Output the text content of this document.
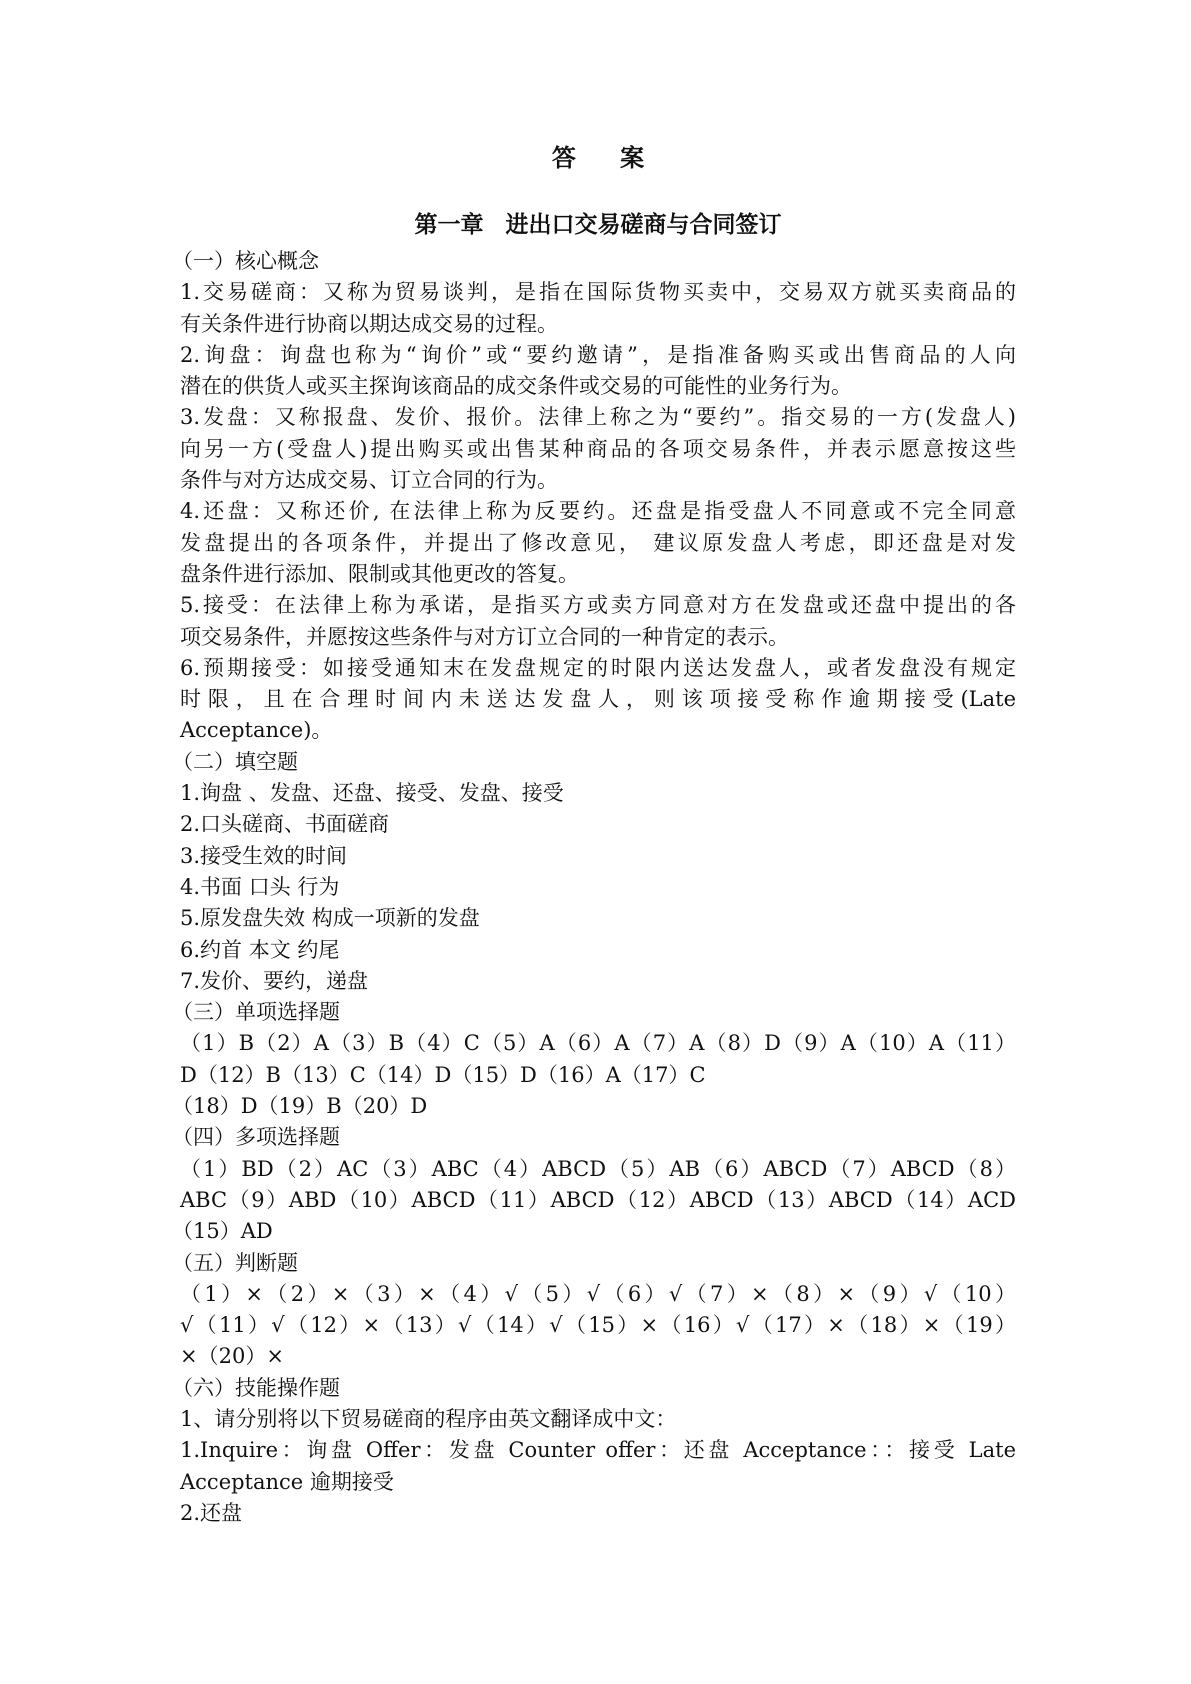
答 案
第一章 进出口交易磋商与合同签订
（一）核心概念
1.交易磋商：又称为贸易谈判，是指在国际货物买卖中，交易双方就买卖商品的
有关条件进行协商以期达成交易的过程。
2.询盘：询盘也称为“询价”或“要约邀请”，是指准备购买或出售商品的人向
潜在的供货人或买主探询该商品的成交条件或交易的可能性的业务行为。
3.发盘：又称报盘、发价、报价。法律上称之为“要约”。指交易的一方(发盘人)
向另一方(受盘人)提出购买或出售某种商品的各项交易条件，并表示愿意按这些
条件与对方达成交易、订立合同的行为。
4.还盘：又称还价, 在法律上称为反要约。还盘是指受盘人不同意或不完全同意
发盘提出的各项条件，并提出了修改意见， 建议原发盘人考虑，即还盘是对发
盘条件进行添加、限制或其他更改的答复。
5.接受：在法律上称为承诺，是指买方或卖方同意对方在发盘或还盘中提出的各
项交易条件，并愿按这些条件与对方订立合同的一种肯定的表示。
6.预期接受：如接受通知末在发盘规定的时限内送达发盘人，或者发盘没有规定
时限，且在合理时间内未送达发盘人，则该项接受称作逾期接受(Late
Acceptance)。
（二）填空题
1.询盘 、发盘、还盘、接受、发盘、接受
2.口头磋商、书面磋商
3.接受生效的时间
4.书面 口头 行为
5.原发盘失效 构成一项新的发盘
6.约首 本文 约尾
7.发价、要约，递盘
（三）单项选择题
（1）B（2）A（3）B（4）C（5）A（6）A（7）A（8）D（9）A（10）A（11）
D（12）B（13）C（14）D（15）D（16）A（17）C
（18）D（19）B（20）D
（四）多项选择题
（1）BD（2）AC（3）ABC（4）ABCD（5）AB（6）ABCD（7）ABCD（8）
ABC（9）ABD（10）ABCD（11）ABCD（12）ABCD（13）ABCD（14）ACD
（15）AD
（五）判断题
（1）×（2）×（3）×（4）√（5）√（6）√（7）×（8）×（9）√（10）
√（11）√（12）×（13）√（14）√（15）×（16）√（17）×（18）×（19）
×（20）×
（六）技能操作题
1、请分别将以下贸易磋商的程序由英文翻译成中文：
1.Inquire：询盘 Offer：发盘 Counter offer：还盘 Acceptance：：接受 Late
Acceptance 逾期接受
2.还盘
